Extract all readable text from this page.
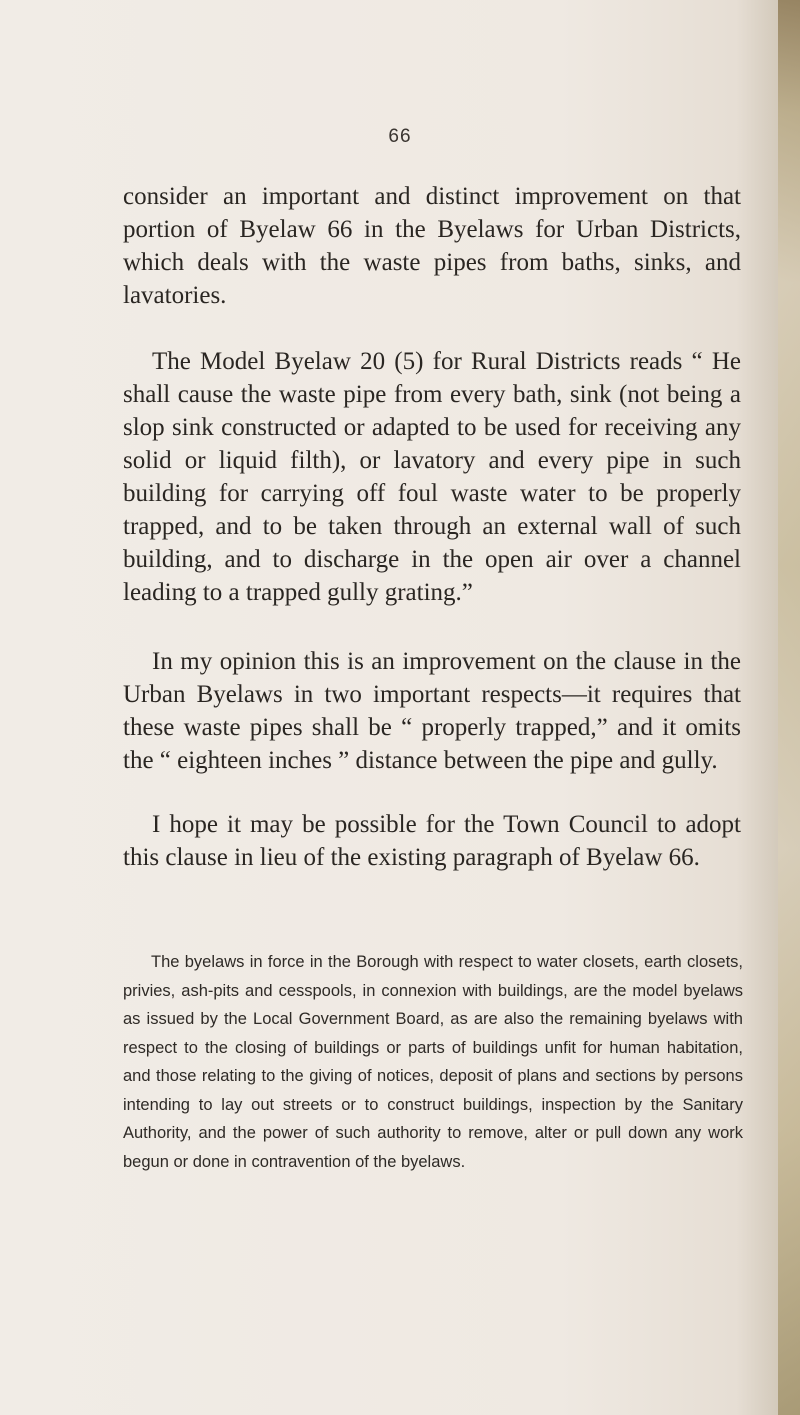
66

consider an important and distinct improvement on that portion of Byelaw 66 in the Byelaws for Urban Districts, which deals with the waste pipes from baths, sinks, and lavatories.

The Model Byelaw 20 (5) for Rural Districts reads “ He shall cause the waste pipe from every bath, sink (not being a slop sink constructed or adapted to be used for receiving any solid or liquid filth), or lavatory and every pipe in such building for carrying off foul waste water to be properly trapped, and to be taken through an external wall of such building, and to discharge in the open air over a channel leading to a trapped gully grating.”

In my opinion this is an improvement on the clause in the Urban Byelaws in two important respects—it requires that these waste pipes shall be “ properly trapped,” and it omits the “ eighteen inches ” distance between the pipe and gully.

I hope it may be possible for the Town Council to adopt this clause in lieu of the existing paragraph of Byelaw 66.

The byelaws in force in the Borough with respect to water closets, earth closets, privies, ash-pits and cesspools, in connexion with buildings, are the model byelaws as issued by the Local Government Board, as are also the remaining byelaws with respect to the closing of buildings or parts of buildings unfit for human habitation, and those relating to the giving of notices, deposit of plans and sections by persons intending to lay out streets or to construct buildings, inspection by the Sanitary Authority, and the power of such authority to remove, alter or pull down any work begun or done in contravention of the byelaws.
